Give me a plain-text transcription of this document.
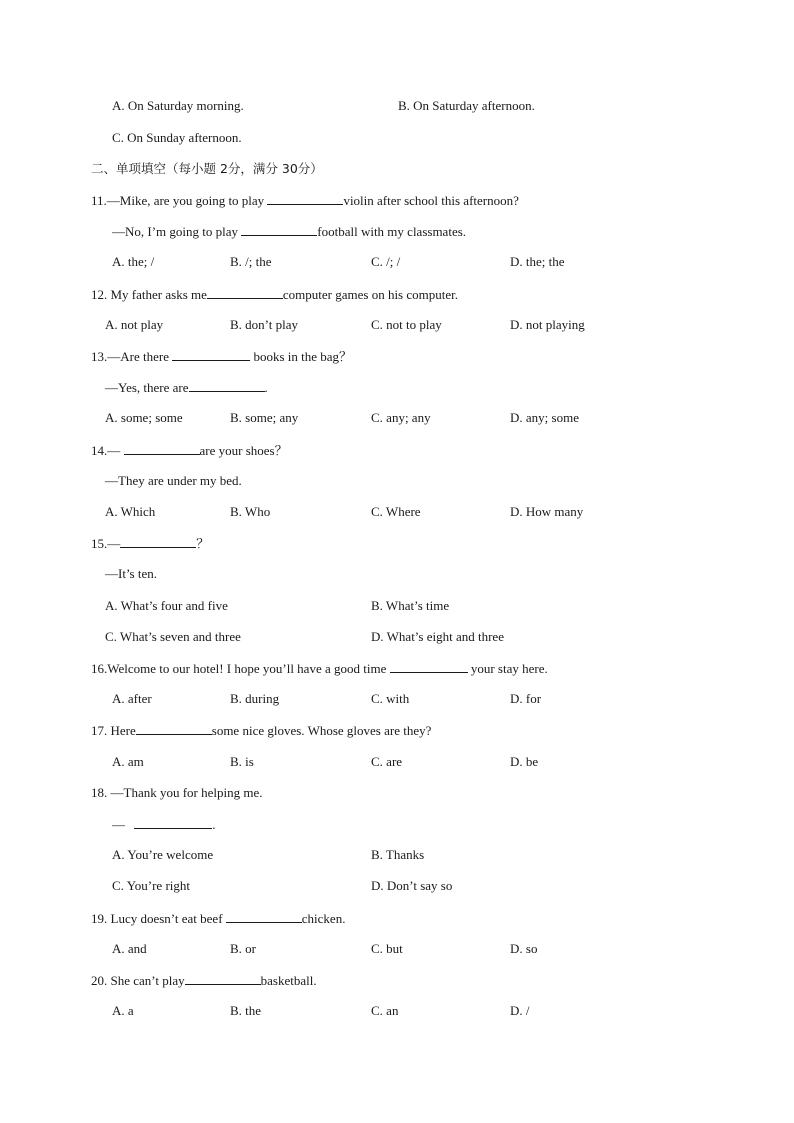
A. On Saturday morning.	B. On Saturday afternoon.
C. On Sunday afternoon.
二、单项填空（每小题 2分，满分 30分）
11.—Mike, are you going to play	violin after school this afternoon?
—No, I’m going to play	football with my classmates.
A. the; /	B. /; the	C. /; /	D. the; the
12. My father asks me	computer games on his computer.
A. not play	B. don’t play	C. not to play	D. not playing
13.—Are there	books in the bag？
—Yes, there are	.
A. some; some	B. some; any	C. any; any	D. any; some
14.—	are your shoes？
—They are under my bed.
A. Which	B. Who	C. Where	D. How many
15.—	？
—It’s ten.
A. What’s four and five	B. What’s time
C. What’s seven and three	D. What’s eight and three
16.Welcome to our hotel! I hope you’ll have a good time	your stay here.
A. after	B. during	C. with	D. for
17. Here	some nice gloves. Whose gloves are they?
A. am	B. is	C. are	D. be
18. —Thank you for helping me.
—	.
A. You’re welcome	B. Thanks
C. You’re right	D. Don’t say so
19. Lucy doesn’t eat beef	chicken.
A. and	B. or	C. but	D. so
20. She can’t play	basketball.
A. a	B. the	C. an	D. /
